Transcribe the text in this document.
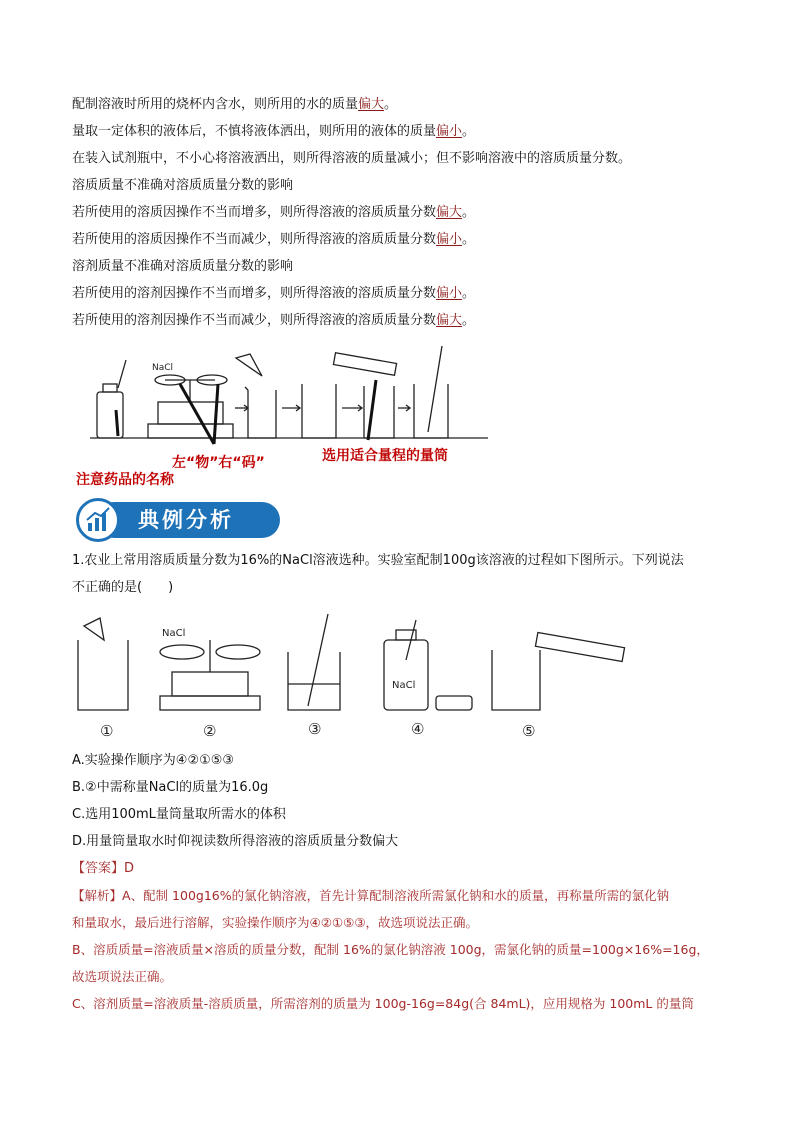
配制溶液时所用的烧杯内含水，则所用的水的质量偏大。
量取一定体积的液体后，不慎将液体洒出，则所用的液体的质量偏小。
在装入试剂瓶中，不小心将溶液洒出，则所得溶液的质量减小；但不影响溶液中的溶质质量分数。
溶质质量不准确对溶质质量分数的影响
若所使用的溶质因操作不当而增多，则所得溶液的溶质质量分数偏大。
若所使用的溶质因操作不当而减少，则所得溶液的溶质质量分数偏小。
溶剂质量不准确对溶质质量分数的影响
若所使用的溶剂因操作不当而增多，则所得溶液的溶质质量分数偏小。
若所使用的溶剂因操作不当而减少，则所得溶液的溶质质量分数偏大。
NaCl
左“物”右“码”	选用适合量程的量筒
注意药品的名称
典例分析
1.农业上常用溶质质量分数为16%的NaCl溶液选种。实验室配制100g该溶液的过程如下图所示。下列说法
不正确的是(　　)
NaCl
NaCl
①	②	③	④	⑤
A.实验操作顺序为④②①⑤③
B.②中需称量NaCl的质量为16.0g
C.选用100mL量筒量取所需水的体积
D.用量筒量取水时仰视读数所得溶液的溶质质量分数偏大
【答案】D
【解析】A、配制 100g16%的氯化钠溶液，首先计算配制溶液所需氯化钠和水的质量，再称量所需的氯化钠
和量取水，最后进行溶解，实验操作顺序为④②①⑤③，故选项说法正确。
B、溶质质量=溶液质量×溶质的质量分数，配制 16%的氯化钠溶液 100g，需氯化钠的质量=100g×16%=16g，
故选项说法正确。
C、溶剂质量=溶液质量-溶质质量，所需溶剂的质量为 100g-16g=84g(合 84mL)，应用规格为 100mL 的量筒
